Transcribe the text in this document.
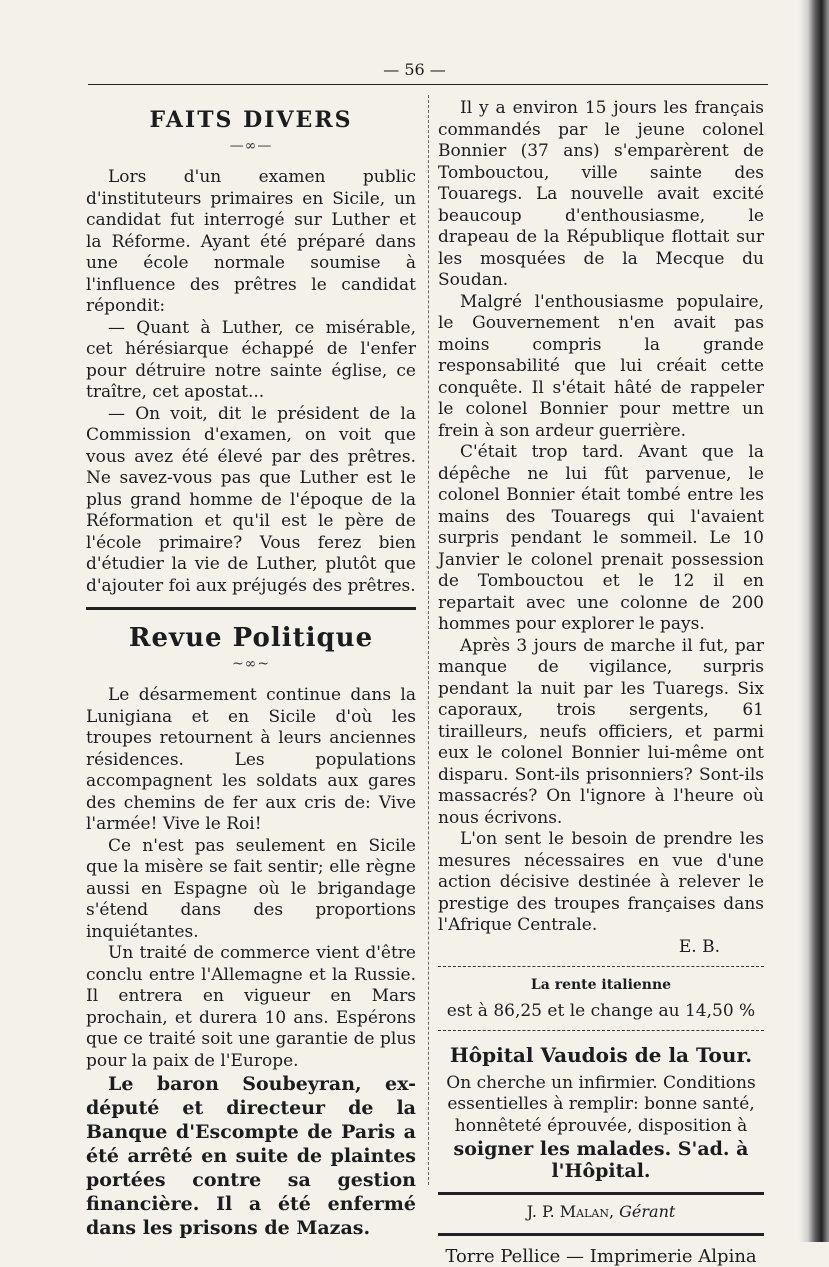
— 56 —
FAITS DIVERS
—∞—

Lors d'un examen public d'instituteurs primaires en Sicile, un candidat fut interrogé sur Luther et la Réforme. Ayant été préparé dans une école normale soumise à l'influence des prêtres le candidat répondit:

— Quant à Luther, ce misérable, cet hérésiarque échappé de l'enfer pour détruire notre sainte église, ce traître, cet apostat...

— On voit, dit le président de la Commission d'examen, on voit que vous avez été élevé par des prêtres. Ne savez-vous pas que Luther est le plus grand homme de l'époque de la Réformation et qu'il est le père de l'école primaire? Vous ferez bien d'étudier la vie de Luther, plutôt que d'ajouter foi aux préjugés des prêtres.

Revue Politique
~∞~

Le désarmement continue dans la Lunigiana et en Sicile d'où les troupes retournent à leurs anciennes résidences. Les populations accompagnent les soldats aux gares des chemins de fer aux cris de: Vive l'armée! Vive le Roi!

Ce n'est pas seulement en Sicile que la misère se fait sentir; elle règne aussi en Espagne où le brigandage s'étend dans des proportions inquiétantes.

Un traité de commerce vient d'être conclu entre l'Allemagne et la Russie. Il entrera en vigueur en Mars prochain, et durera 10 ans. Espérons que ce traité soit une garantie de plus pour la paix de l'Europe.

Le baron Soubeyran, ex-député et directeur de la Banque d'Escompte de Paris a été arrêté en suite de plaintes portées contre sa gestion financière. Il a été enfermé dans les prisons de Mazas.

Il y a environ 15 jours les français commandés par le jeune colonel Bonnier (37 ans) s'emparèrent de Tombouctou, ville sainte des Touaregs. La nouvelle avait excité beaucoup d'enthousiasme, le drapeau de la République flottait sur les mosquées de la Mecque du Soudan.

Malgré l'enthousiasme populaire, le Gouvernement n'en avait pas moins compris la grande responsabilité que lui créait cette conquête. Il s'était hâté de rappeler le colonel Bonnier pour mettre un frein à son ardeur guerrière.

C'était trop tard. Avant que la dépêche ne lui fût parvenue, le colonel Bonnier était tombé entre les mains des Touaregs qui l'avaient surpris pendant le sommeil. Le 10 Janvier le colonel prenait possession de Tombouctou et le 12 il en repartait avec une colonne de 200 hommes pour explorer le pays.

Après 3 jours de marche il fut, par manque de vigilance, surpris pendant la nuit par les Tuaregs. Six caporaux, trois sergents, 61 tirailleurs, neufs officiers, et parmi eux le colonel Bonnier lui-même ont disparu. Sont-ils prisonniers? Sont-ils massacrés? On l'ignore à l'heure où nous écrivons.

L'on sent le besoin de prendre les mesures nécessaires en vue d'une action décisive destinée à relever le prestige des troupes françaises dans l'Afrique Centrale.

E. B.

La rente italienne

est à 86,25 et le change au 14,50 %

Hôpital Vaudois de la Tour.

On cherche un infirmier. Conditions essentielles à remplir: bonne santé, honnêteté éprouvée, disposition à

soigner les malades. S'ad. à l'Hôpital.

J. P. Malan, Gérant

Torre Pellice — Imprimerie Alpina
